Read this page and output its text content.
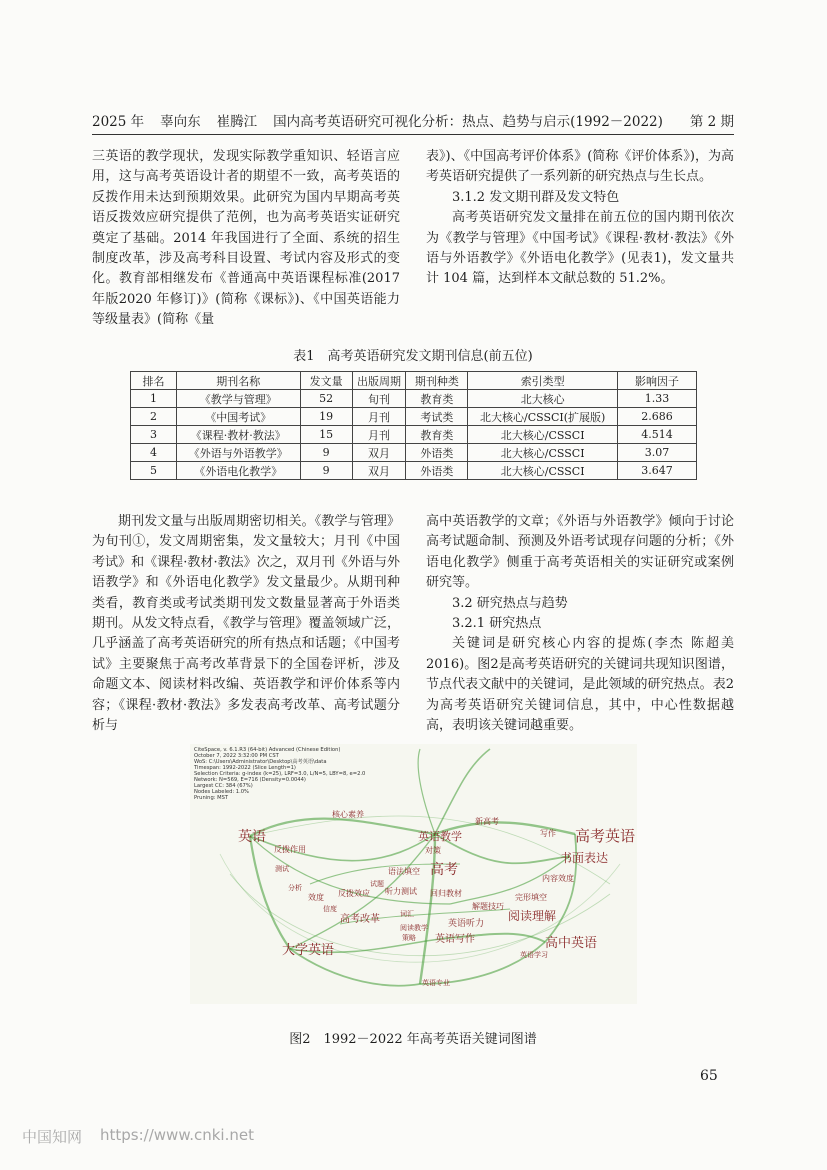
2025 年 辜向东 崔腾江 国内高考英语研究可视化分析：热点、趋势与启示(1992－2022)	第 2 期

三英语的教学现状，发现实际教学重知识、轻语言应用，这与高考英语设计者的期望不一致，高考英语的反拨作用未达到预期效果。此研究为国内早期高考英语反拨效应研究提供了范例，也为高考英语实证研究奠定了基础。2014 年我国进行了全面、系统的招生制度改革，涉及高考科目设置、考试内容及形式的变化。教育部相继发布《普通高中英语课程标准(2017 年版2020 年修订)》(简称《课标》)、《中国英语能力等级量表》(简称《量

表》)、《中国高考评价体系》(简称《评价体系》)，为高考英语研究提供了一系列新的研究热点与生长点。

3.1.2 发文期刊群及发文特色

高考英语研究发文量排在前五位的国内期刊依次为《教学与管理》《中国考试》《课程·教材·教法》《外语与外语教学》《外语电化教学》(见表1)，发文量共计 104 篇，达到样本文献总数的 51.2%。

表1　高考英语研究发文期刊信息(前五位)
排名	期刊名称	发文量	出版周期	期刊种类	索引类型	影响因子
1	《教学与管理》	52	旬刊	教育类	北大核心	1.33
2	《中国考试》	19	月刊	考试类	北大核心/CSSCI(扩展版)	2.686
3	《课程·教材·教法》	15	月刊	教育类	北大核心/CSSCI	4.514
4	《外语与外语教学》	9	双月	外语类	北大核心/CSSCI	3.07
5	《外语电化教学》	9	双月	外语类	北大核心/CSSCI	3.647

期刊发文量与出版周期密切相关。《教学与管理》为旬刊①，发文周期密集，发文量较大；月刊《中国考试》和《课程·教材·教法》次之，双月刊《外语与外语教学》和《外语电化教学》发文量最少。从期刊种类看，教育类或考试类期刊发文数量显著高于外语类期刊。从发文特点看，《教学与管理》覆盖领域广泛，几乎涵盖了高考英语研究的所有热点和话题；《中国考试》主要聚焦于高考改革背景下的全国卷评析，涉及命题文本、阅读材料改编、英语教学和评价体系等内容；《课程·教材·教法》多发表高考改革、高考试题分析与

高中英语教学的文章；《外语与外语教学》倾向于讨论高考试题命制、预测及外语考试现存问题的分析；《外语电化教学》侧重于高考英语相关的实证研究或案例研究等。

3.2 研究热点与趋势

3.2.1 研究热点

关键词是研究核心内容的提炼(李杰 陈超美 2016)。图2是高考英语研究的关键词共现知识图谱，节点代表文献中的关键词，是此领域的研究热点。表2为高考英语研究关键词信息，其中，中心性数据越高，表明该关键词越重要。

高考英语
英语	英语教学
高考
书面表达
大学英语	高中英语
阅读理解
新高考
核心素养
反拨作用
写作
内容效度
完形填空
高考改革
英语写作
英语听力
英语学习
英语专业
对策
语法填空
听力测试 回归教材
解题技巧
效度 反拨效应
信度
分析
词汇
测试
策略
阅读教学
试题
CiteSpace, v. 6.1.R3 (64-bit) Advanced (Chinese Edition)
October 7, 2022 3:32:00 PM CST
WoS: C:\Users\Administrator\Desktop\高考英语\data
Timespan: 1992-2022 (Slice Length=1)
Selection Criteria: g-index (k=25), LRF=3.0, L/N=5, LBY=8, e=2.0
Network: N=569, E=716 (Density=0.0044)
Largest CC: 384 (67%)
Nodes Labeled: 1.0%
Pruning: MST
图2　1992－2022 年高考英语关键词图谱
65
中国知网 https://www.cnki.net
